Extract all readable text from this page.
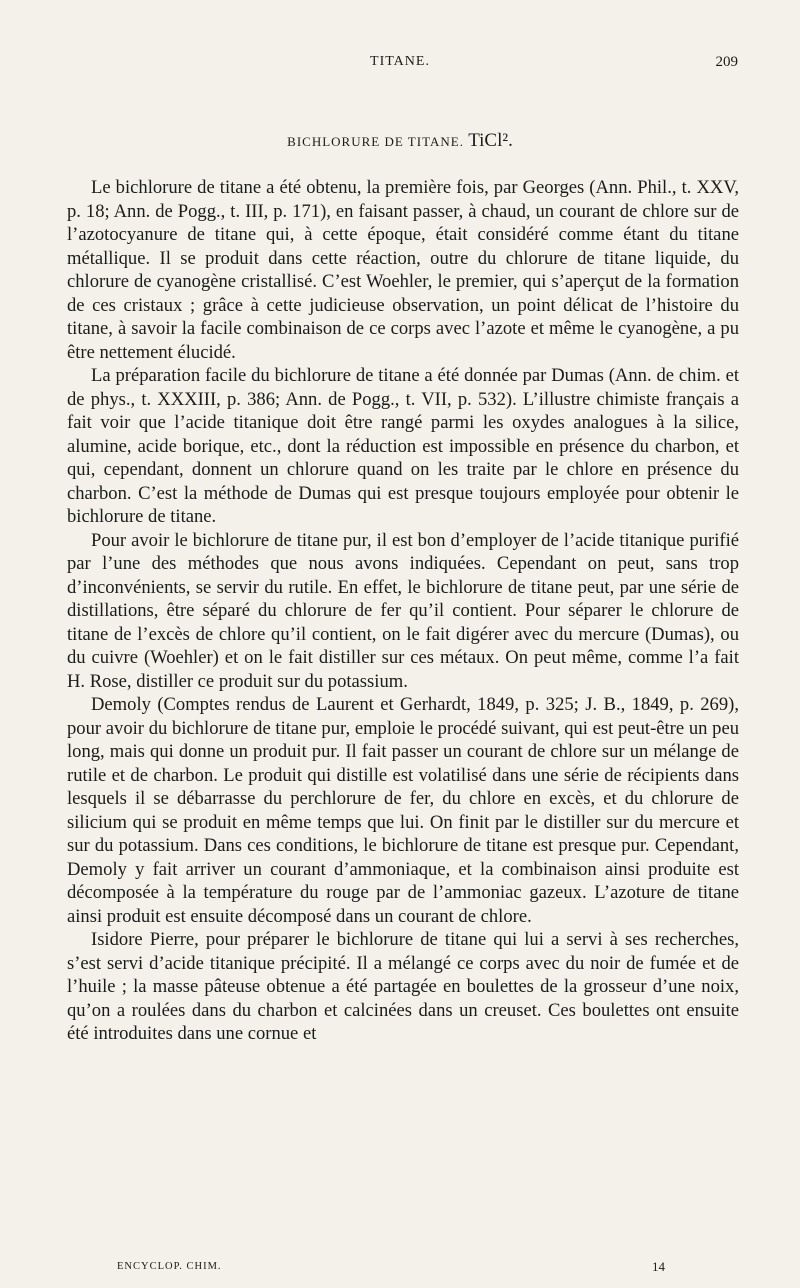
TITANE.	209
BICHLORURE DE TITANE. TiCl².

Le bichlorure de titane a été obtenu, la première fois, par Georges (Ann. Phil., t. XXV, p. 18; Ann. de Pogg., t. III, p. 171), en faisant passer, à chaud, un courant de chlore sur de l’azotocyanure de titane qui, à cette époque, était considéré comme étant du titane métallique. Il se produit dans cette réaction, outre du chlorure de titane liquide, du chlorure de cyanogène cristallisé. C’est Woehler, le premier, qui s’aperçut de la formation de ces cristaux ; grâce à cette judicieuse observation, un point délicat de l’histoire du titane, à savoir la facile combinaison de ce corps avec l’azote et même le cyanogène, a pu être nettement élucidé.

La préparation facile du bichlorure de titane a été donnée par Dumas (Ann. de chim. et de phys., t. XXXIII, p. 386; Ann. de Pogg., t. VII, p. 532). L’illustre chimiste français a fait voir que l’acide titanique doit être rangé parmi les oxydes analogues à la silice, alumine, acide borique, etc., dont la réduction est impossible en présence du charbon, et qui, cependant, donnent un chlorure quand on les traite par le chlore en présence du charbon. C’est la méthode de Dumas qui est presque toujours employée pour obtenir le bichlorure de titane.

Pour avoir le bichlorure de titane pur, il est bon d’employer de l’acide titanique purifié par l’une des méthodes que nous avons indiquées. Cependant on peut, sans trop d’inconvénients, se servir du rutile. En effet, le bichlorure de titane peut, par une série de distillations, être séparé du chlorure de fer qu’il contient. Pour séparer le chlorure de titane de l’excès de chlore qu’il contient, on le fait digérer avec du mercure (Dumas), ou du cuivre (Woehler) et on le fait distiller sur ces métaux. On peut même, comme l’a fait H. Rose, distiller ce produit sur du potassium.

Demoly (Comptes rendus de Laurent et Gerhardt, 1849, p. 325; J. B., 1849, p. 269), pour avoir du bichlorure de titane pur, emploie le procédé suivant, qui est peut-être un peu long, mais qui donne un produit pur. Il fait passer un courant de chlore sur un mélange de rutile et de charbon. Le produit qui distille est volatilisé dans une série de récipients dans lesquels il se débarrasse du perchlorure de fer, du chlore en excès, et du chlorure de silicium qui se produit en même temps que lui. On finit par le distiller sur du mercure et sur du potassium. Dans ces conditions, le bichlorure de titane est presque pur. Cependant, Demoly y fait arriver un courant d’ammoniaque, et la combinaison ainsi produite est décomposée à la température du rouge par de l’ammoniac gazeux. L’azoture de titane ainsi produit est ensuite décomposé dans un courant de chlore.

Isidore Pierre, pour préparer le bichlorure de titane qui lui a servi à ses recherches, s’est servi d’acide titanique précipité. Il a mélangé ce corps avec du noir de fumée et de l’huile ; la masse pâteuse obtenue a été partagée en boulettes de la grosseur d’une noix, qu’on a roulées dans du charbon et calcinées dans un creuset. Ces boulettes ont ensuite été introduites dans une cornue et

ENCYCLOP. CHIM.	14
